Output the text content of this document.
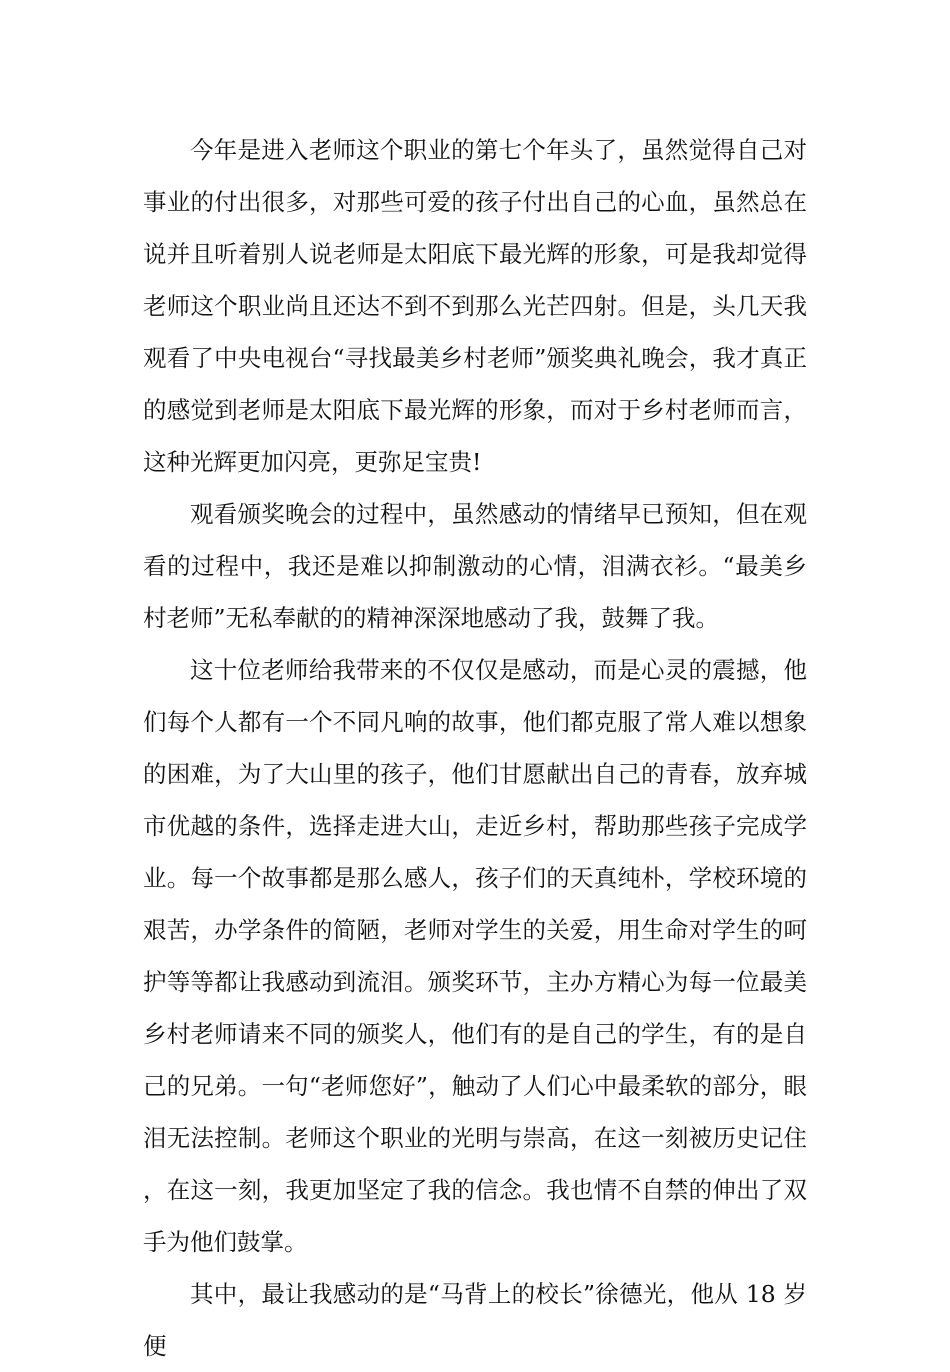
今年是进入老师这个职业的第七个年头了，虽然觉得自己对事业的付出很多，对那些可爱的孩子付出自己的心血，虽然总在说并且听着别人说老师是太阳底下最光辉的形象，可是我却觉得老师这个职业尚且还达不到不到那么光芒四射。但是，头几天我观看了中央电视台“寻找最美乡村老师”颁奖典礼晚会，我才真正的感觉到老师是太阳底下最光辉的形象，而对于乡村老师而言，这种光辉更加闪亮，更弥足宝贵!

观看颁奖晚会的过程中，虽然感动的情绪早已预知，但在观看的过程中，我还是难以抑制激动的心情，泪满衣衫。“最美乡村老师”无私奉献的的精神深深地感动了我，鼓舞了我。

这十位老师给我带来的不仅仅是感动，而是心灵的震撼，他们每个人都有一个不同凡响的故事，他们都克服了常人难以想象的困难，为了大山里的孩子，他们甘愿献出自己的青春，放弃城市优越的条件，选择走进大山，走近乡村，帮助那些孩子完成学业。每一个故事都是那么感人，孩子们的天真纯朴，学校环境的艰苦，办学条件的简陋，老师对学生的关爱，用生命对学生的呵护等等都让我感动到流泪。颁奖环节，主办方精心为每一位最美乡村老师请来不同的颁奖人，他们有的是自己的学生，有的是自己的兄弟。一句“老师您好”，触动了人们心中最柔软的部分，眼泪无法控制。老师这个职业的光明与崇高，在这一刻被历史记住，在这一刻，我更加坚定了我的信念。我也情不自禁的伸出了双手为他们鼓掌。

其中，最让我感动的是“马背上的校长”徐德光，他从 18 岁便
